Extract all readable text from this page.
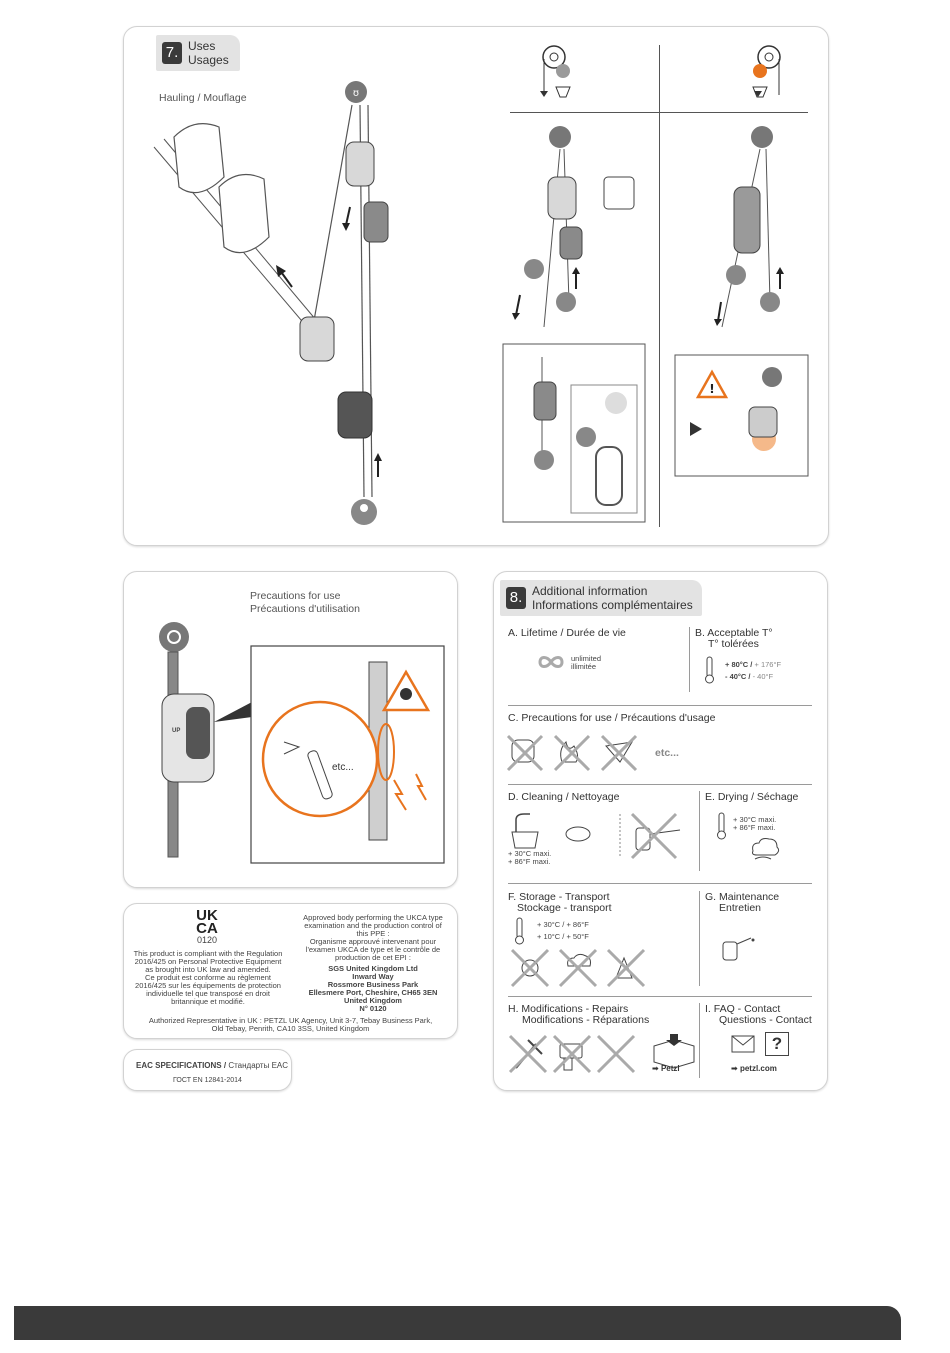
7. Uses
Usages
Hauling / Mouflage	ʊ
!
Precautions for use
Précautions d'utilisation
UP
etc...
UK
CA
0120
This product is compliant with the Regulation
2016/425 on Personal Protective Equipment
as brought into UK law and amended.
Ce produit est conforme au règlement
2016/425 sur les équipements de protection
individuelle tel que transposé en droit
britannique et modifié.
Approved body performing the UKCA type
examination and the production control of
this PPE :
Organisme approuvé intervenant pour
l'examen UKCA de type et le contrôle de
production de cet EPI :
SGS United Kingdom Ltd
Inward Way
Rossmore Business Park
Ellesmere Port, Cheshire, CH65 3EN
United Kingdom
N° 0120
Authorized Representative in UK : PETZL UK Agency, Unit 3-7, Tebay Business Park,
Old Tebay, Penrith, CA10 3SS, United Kingdom
EAC SPECIFICATIONS / Стандарты EAC
ГОСТ EN 12841-2014
8. Additional information
Informations complémentaires
A. Lifetime / Durée de vie
unlimited
illimitée
B. Acceptable T°
T° tolérées
+ 80°C / + 176°F
- 40°C / - 40°F
C. Precautions for use / Précautions d'usage
etc...
D. Cleaning / Nettoyage
+ 30°C maxi.
+ 86°F maxi.
E. Drying / Séchage
+ 30°C maxi.
+ 86°F maxi.
F. Storage - Transport
Stockage - transport
+ 30°C / + 86°F
+ 10°C / + 50°F
G. Maintenance
Entretien
H. Modifications - Repairs
Modifications - Réparations
➡ Petzl
I. FAQ - Contact
Questions - Contact
?
➡ petzl.com
